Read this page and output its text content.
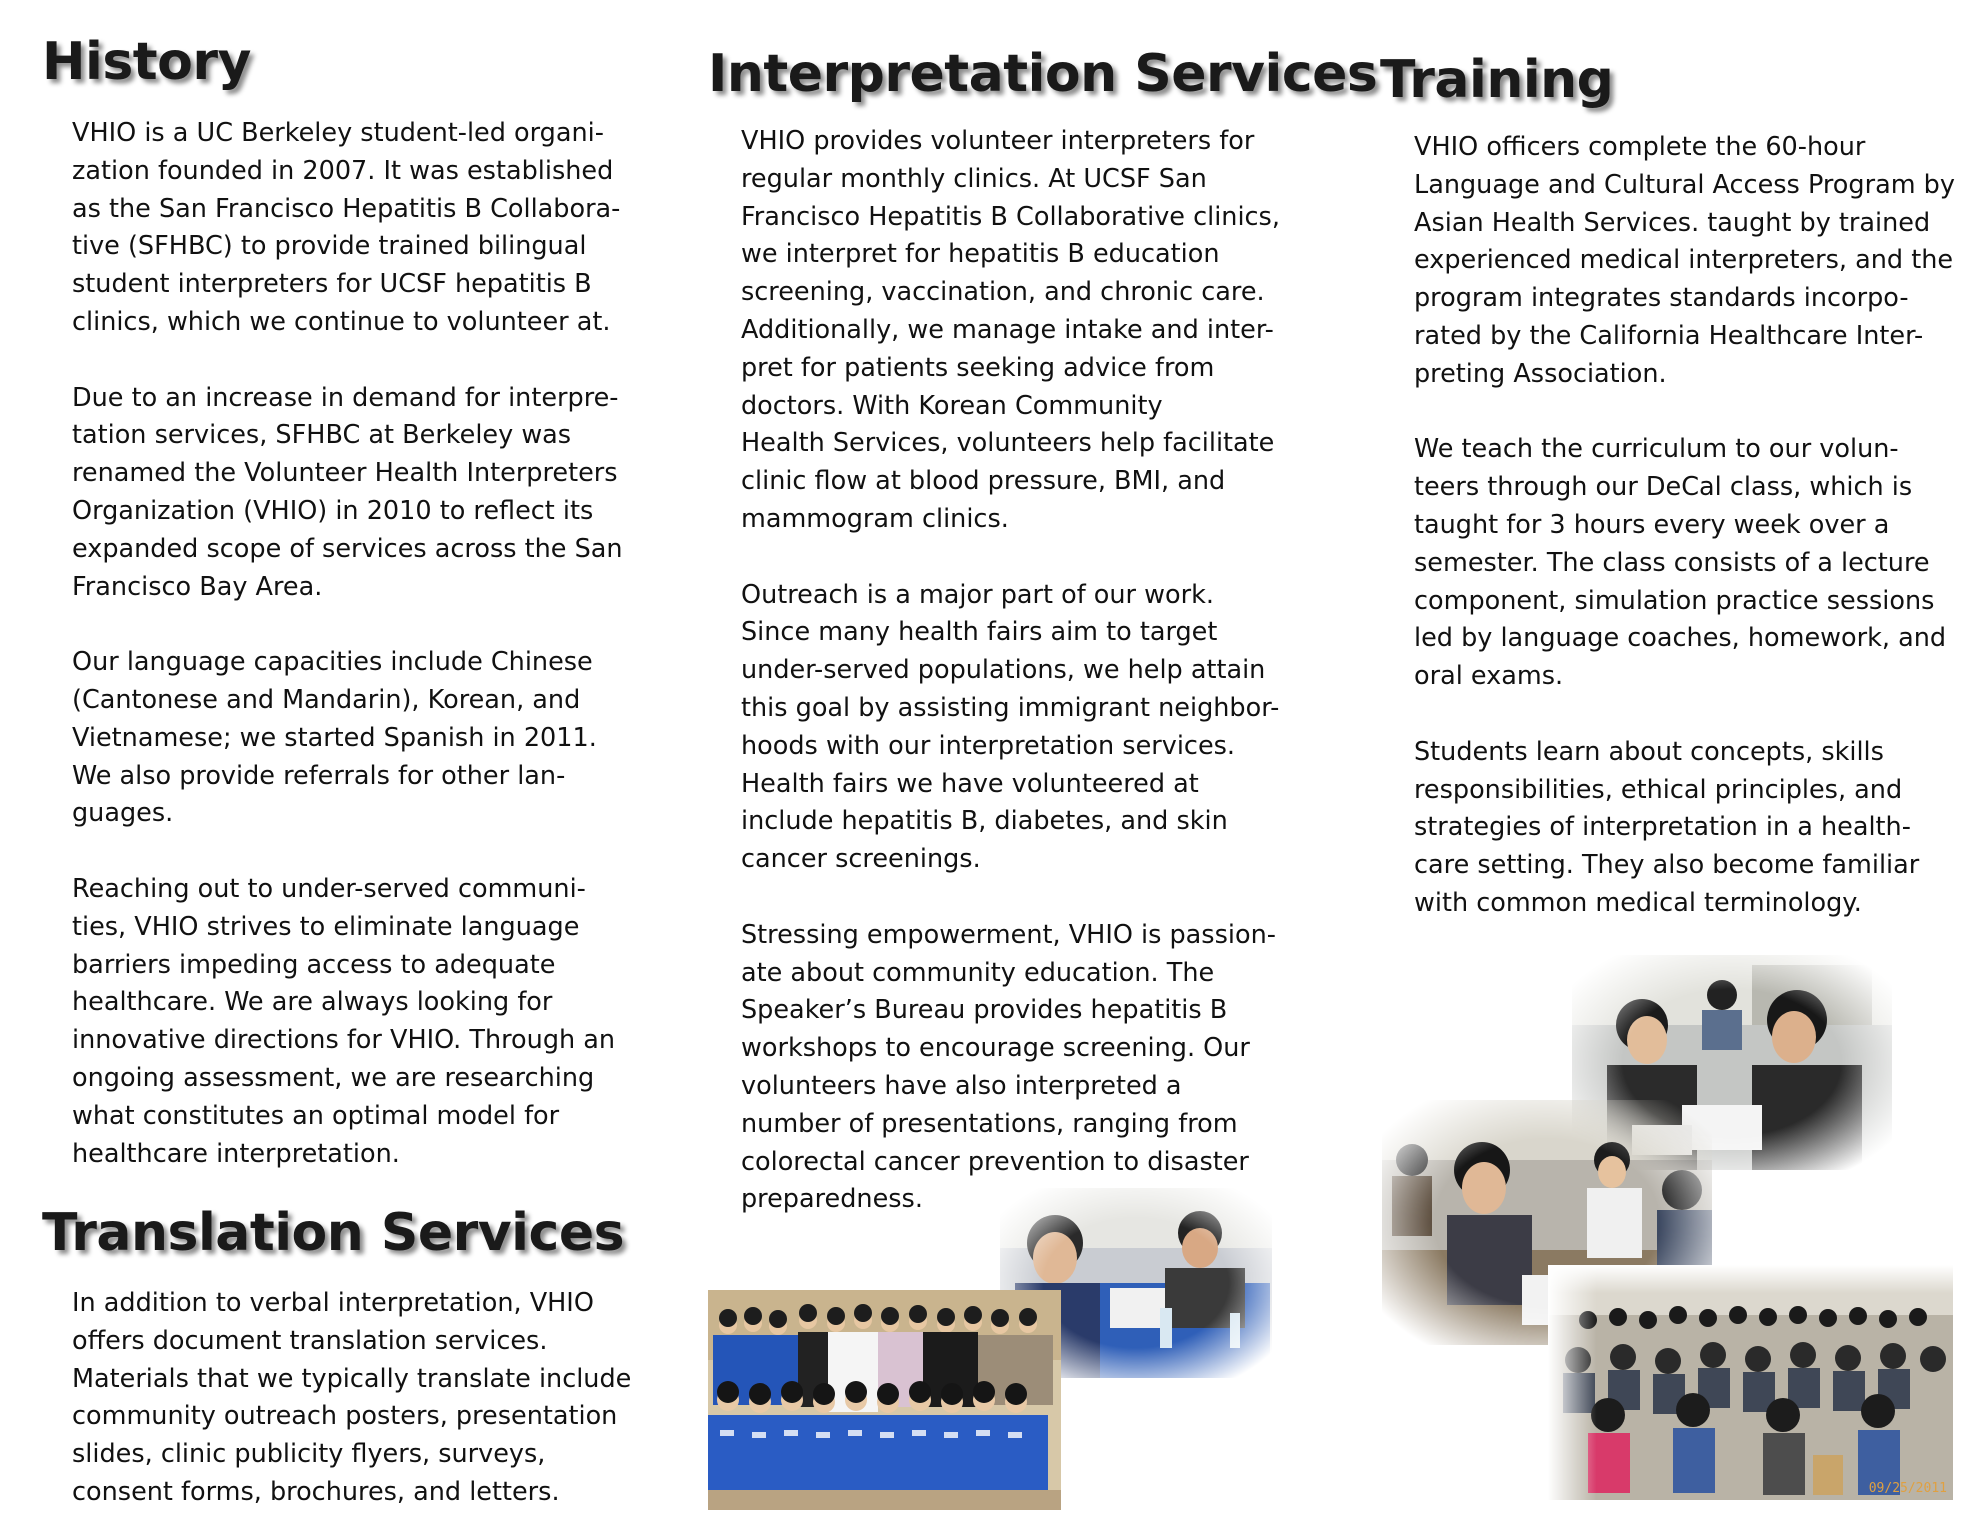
History

VHIO is a UC Berkeley student-led organi-
zation founded in 2007. It was established
as the San Francisco Hepatitis B Collabora-
tive (SFHBC) to provide trained bilingual
student interpreters for UCSF hepatitis B
clinics, which we continue to volunteer at.

Due to an increase in demand for interpre-
tation services, SFHBC at Berkeley was
renamed the Volunteer Health Interpreters
Organization (VHIO) in 2010 to reflect its
expanded scope of services across the San
Francisco Bay Area.

Our language capacities include Chinese
(Cantonese and Mandarin), Korean, and
Vietnamese; we started Spanish in 2011.
We also provide referrals for other lan-
guages.

Reaching out to under-served communi-
ties, VHIO strives to eliminate language
barriers impeding access to adequate
healthcare. We are always looking for
innovative directions for VHIO. Through an
ongoing assessment, we are researching
what constitutes an optimal model for
healthcare interpretation.

Translation Services

In addition to verbal interpretation, VHIO
offers document translation services.
Materials that we typically translate include
community outreach posters, presentation
slides, clinic publicity flyers, surveys,
consent forms, brochures, and letters.

Interpretation Services

VHIO provides volunteer interpreters for
regular monthly clinics. At UCSF San
Francisco Hepatitis B Collaborative clinics,
we interpret for hepatitis B education
screening, vaccination, and chronic care.
Additionally, we manage intake and inter-
pret for patients seeking advice from
doctors. With Korean Community
Health Services, volunteers help facilitate
clinic flow at blood pressure, BMI, and
mammogram clinics.

Outreach is a major part of our work.
Since many health fairs aim to target
under-served populations, we help attain
this goal by assisting immigrant neighbor-
hoods with our interpretation services.
Health fairs we have volunteered at
include hepatitis B, diabetes, and skin
cancer screenings.

Stressing empowerment, VHIO is passion-
ate about community education. The
Speaker’s Bureau provides hepatitis B
workshops to encourage screening. Our
volunteers have also interpreted a
number of presentations, ranging from
colorectal cancer prevention to disaster
preparedness.

Training

VHIO officers complete the 60-hour
Language and Cultural Access Program by
Asian Health Services. taught by trained
experienced medical interpreters, and the
program integrates standards incorpo-
rated by the California Healthcare Inter-
preting Association.

We teach the curriculum to our volun-
teers through our DeCal class, which is
taught for 3 hours every week over a
semester. The class consists of a lecture
component, simulation practice sessions
led by language coaches, homework, and
oral exams.

Students learn about concepts, skills
responsibilities, ethical principles, and
strategies of interpretation in a health-
care setting. They also become familiar
with common medical terminology.

09/25/2011
